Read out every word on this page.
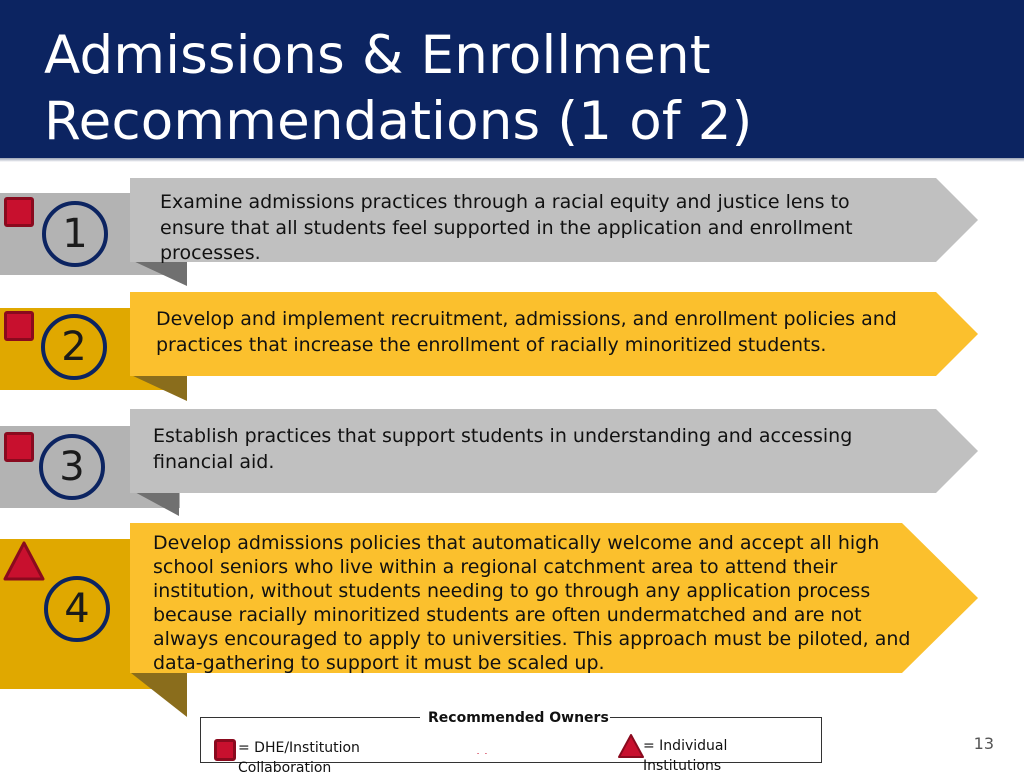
Admissions & Enrollment
Recommendations (1 of 2)
1
Examine admissions practices through a racial equity and justice lens to ensure that all students feel supported in the application and enrollment processes.
2
Develop and implement recruitment, admissions, and enrollment policies and practices that increase the enrollment of racially minoritized students.
3
Establish practices that support students in understanding and accessing financial aid.
4
Develop admissions policies that automatically welcome and accept all high school seniors who live within a regional catchment area to attend their institution, without students needing to go through any application process because racially minoritized students are often undermatched and are not always encouraged to apply to universities. This approach must be piloted, and data-gathering to support it must be scaled up.
= DHE/Institution Collaboration
Recommended Owners
= Individual Institutions
13
